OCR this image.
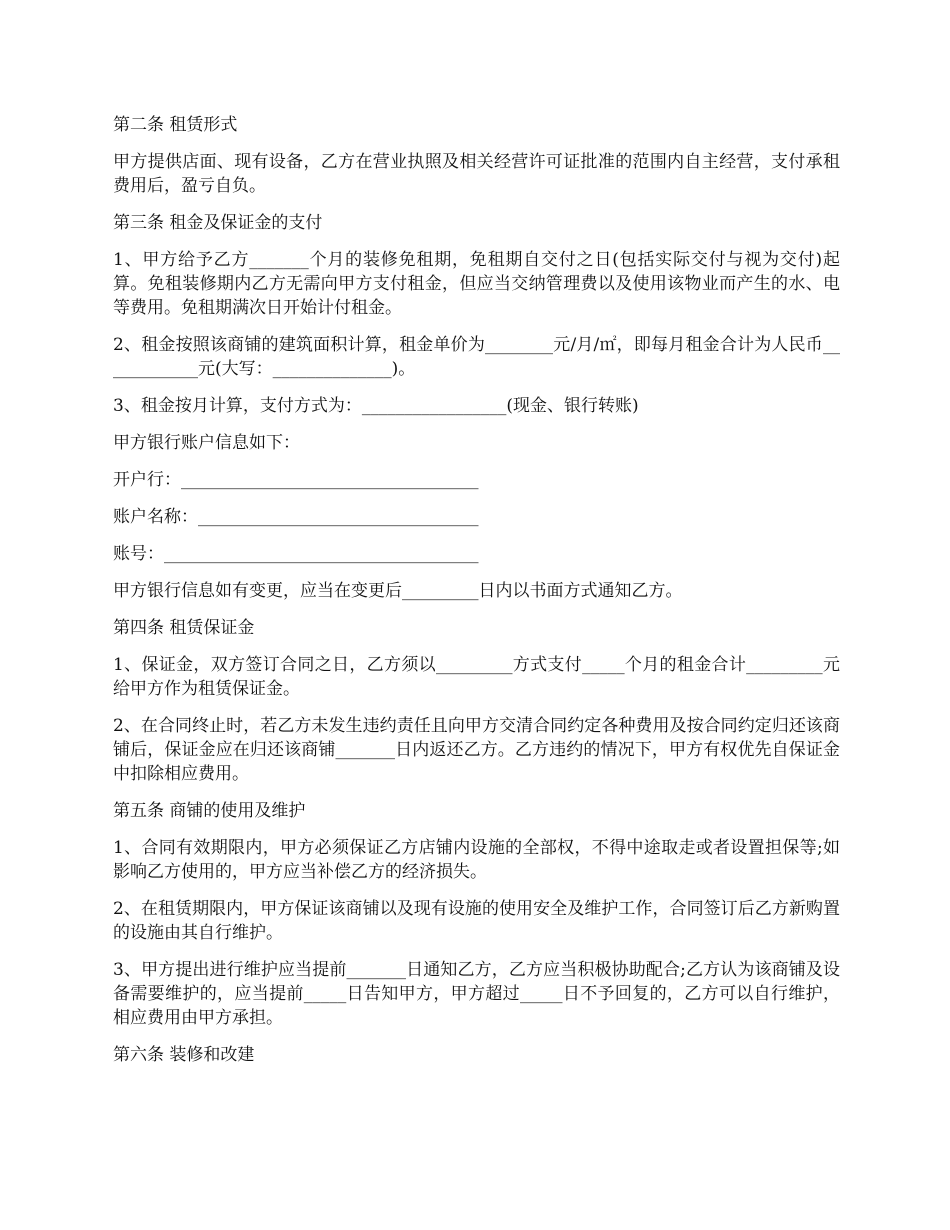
第二条 租赁形式
甲方提供店面、现有设备，乙方在营业执照及相关经营许可证批准的范围内自主经营，支付承租费用后，盈亏自负。
第三条 租金及保证金的支付
1、甲方给予乙方_______个月的装修免租期，免租期自交付之日(包括实际交付与视为交付)起算。免租装修期内乙方无需向甲方支付租金，但应当交纳管理费以及使用该物业而产生的水、电等费用。免租期满次日开始计付租金。
2、租金按照该商铺的建筑面积计算，租金单价为________元/月/㎡，即每月租金合计为人民币____________元(大写：______________)。
3、租金按月计算，支付方式为：_________________(现金、银行转账)
甲方银行账户信息如下：
开户行：___________________________________
账户名称：_________________________________
账号：_____________________________________
甲方银行信息如有变更，应当在变更后_________日内以书面方式通知乙方。
第四条 租赁保证金
1、保证金，双方签订合同之日，乙方须以_________方式支付_____个月的租金合计_________元给甲方作为租赁保证金。
2、在合同终止时，若乙方未发生违约责任且向甲方交清合同约定各种费用及按合同约定归还该商铺后，保证金应在归还该商铺_______日内返还乙方。乙方违约的情况下，甲方有权优先自保证金中扣除相应费用。
第五条 商铺的使用及维护
1、合同有效期限内，甲方必须保证乙方店铺内设施的全部权，不得中途取走或者设置担保等;如影响乙方使用的，甲方应当补偿乙方的经济损失。
2、在租赁期限内，甲方保证该商铺以及现有设施的使用安全及维护工作，合同签订后乙方新购置的设施由其自行维护。
3、甲方提出进行维护应当提前_______日通知乙方，乙方应当积极协助配合;乙方认为该商铺及设备需要维护的，应当提前_____日告知甲方，甲方超过_____日不予回复的，乙方可以自行维护，相应费用由甲方承担。
第六条 装修和改建
